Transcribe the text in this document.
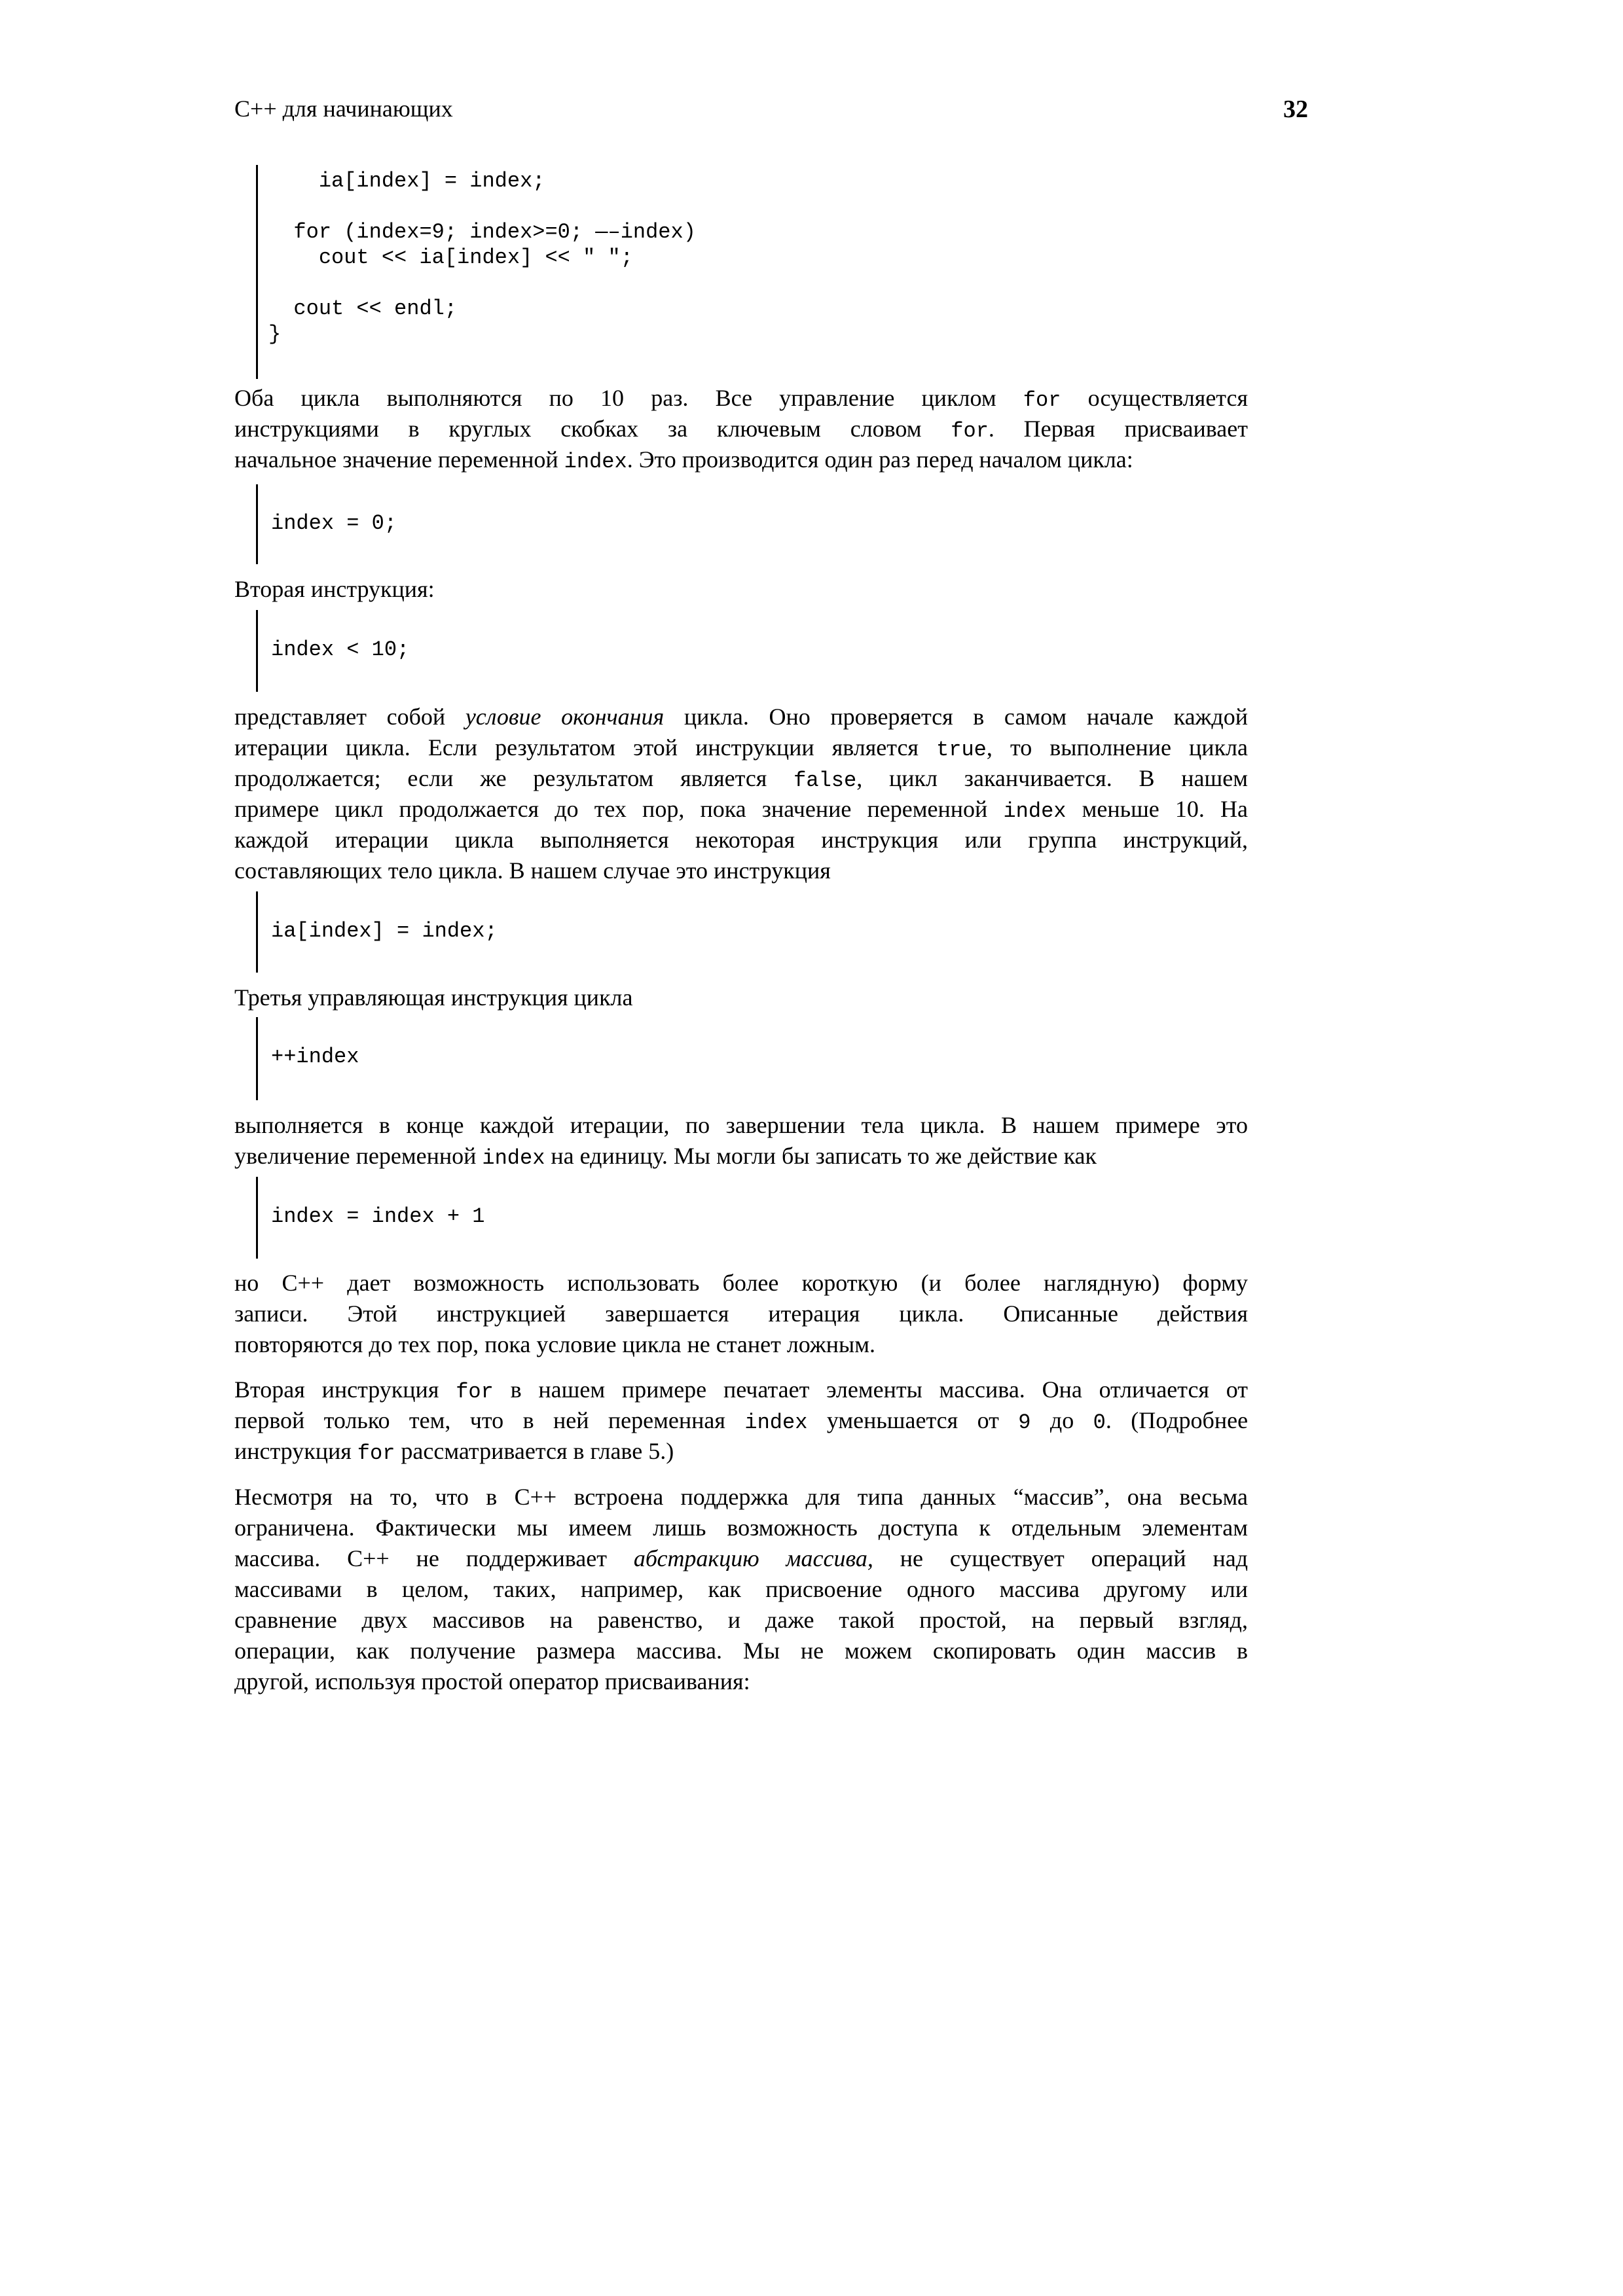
С++ для начинающих	32
ia[index] = index;
for (index=9; index>=0; —–index)
cout << ia[index] << " ";
cout << endl;
}
Оба цикла выполняются по 10 раз. Все управление циклом for осуществляется
инструкциями в круглых скобках за ключевым словом for. Первая присваивает
начальное значение переменной index. Это производится один раз перед началом цикла:
index = 0;
Вторая инструкция:
index < 10;
представляет собой условие окончания цикла. Оно проверяется в самом начале каждой
итерации цикла. Если результатом этой инструкции является true, то выполнение цикла
продолжается; если же результатом является false, цикл заканчивается. В нашем
примере цикл продолжается до тех пор, пока значение переменной index меньше 10. На
каждой итерации цикла выполняется некоторая инструкция или группа инструкций,
составляющих тело цикла. В нашем случае это инструкция
ia[index] = index;
Третья управляющая инструкция цикла
++index
выполняется в конце каждой итерации, по завершении тела цикла. В нашем примере это
увеличение переменной index на единицу. Мы могли бы записать то же действие как
index = index + 1
но С++ дает возможность использовать более короткую (и более наглядную) форму
записи. Этой инструкцией завершается итерация цикла. Описанные действия
повторяются до тех пор, пока условие цикла не станет ложным.
Вторая инструкция for в нашем примере печатает элементы массива. Она отличается от
первой только тем, что в ней переменная index уменьшается от 9 до 0. (Подробнее
инструкция for рассматривается в главе 5.)
Несмотря на то, что в С++ встроена поддержка для типа данных “массив”, она весьма
ограничена. Фактически мы имеем лишь возможность доступа к отдельным элементам
массива. С++ не поддерживает абстракцию массива, не существует операций над
массивами в целом, таких, например, как присвоение одного массива другому или
сравнение двух массивов на равенство, и даже такой простой, на первый взгляд,
операции, как получение размера массива. Мы не можем скопировать один массив в
другой, используя простой оператор присваивания:
